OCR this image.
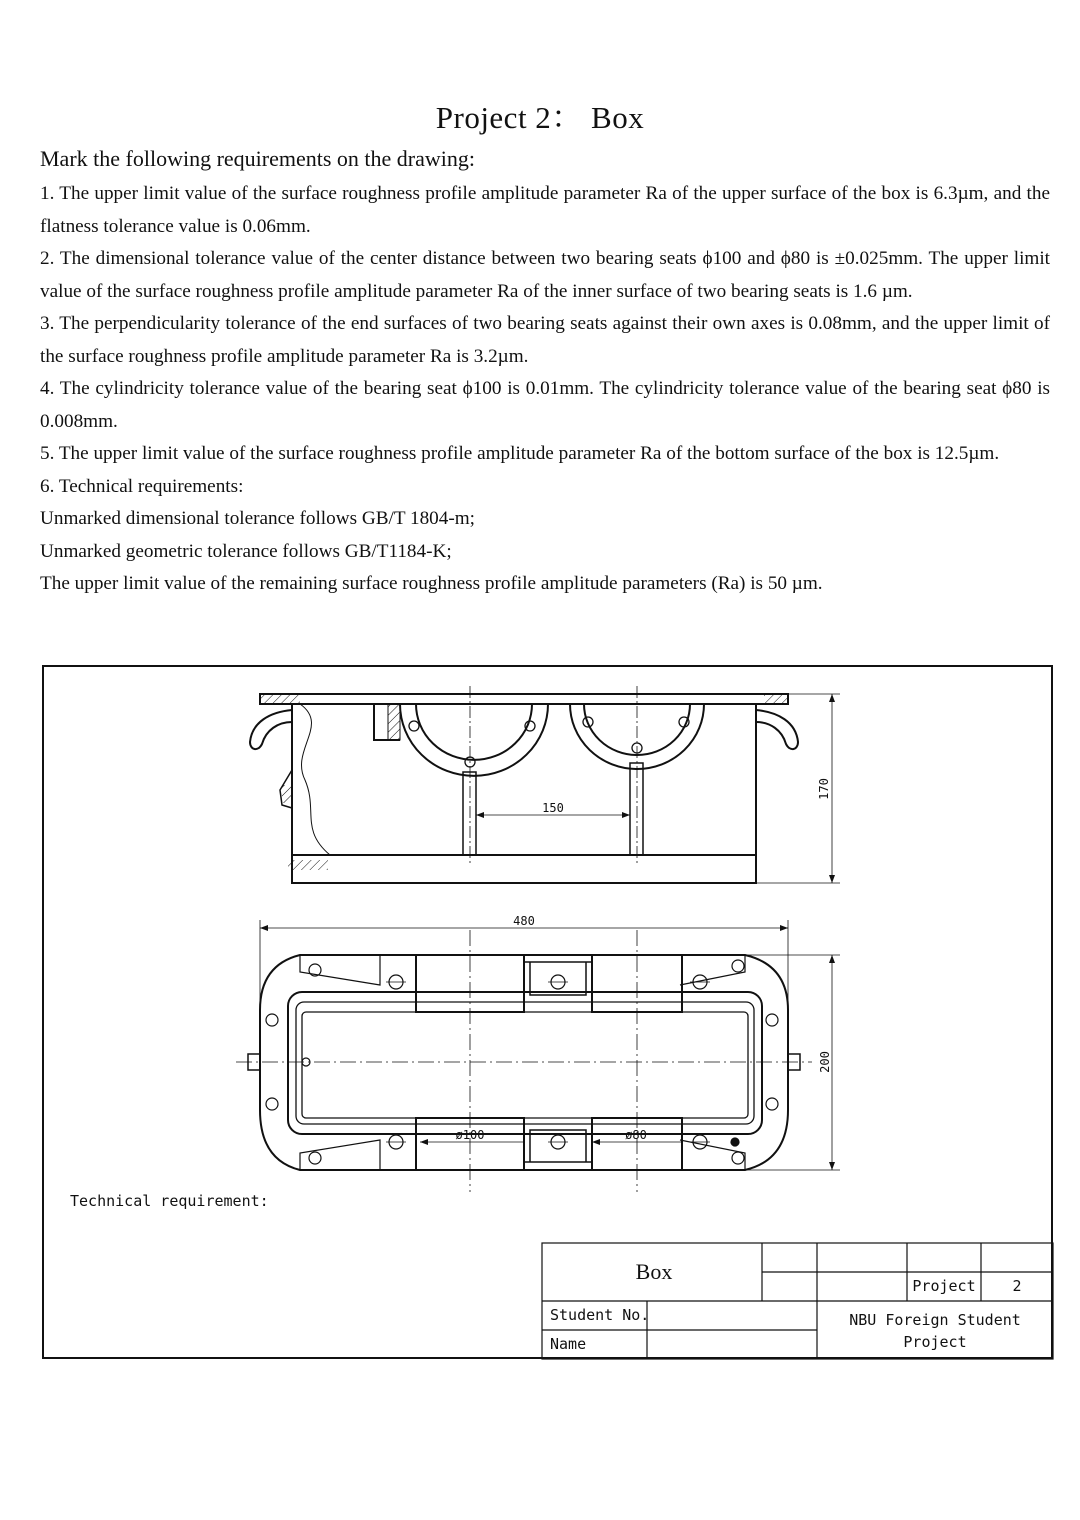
Project 2： Box
Mark the following requirements on the drawing:

1. The upper limit value of the surface roughness profile amplitude parameter Ra of the upper surface of the box is 6.3µm, and the flatness tolerance value is 0.06mm.

2. The dimensional tolerance value of the center distance between two bearing seats ϕ100 and ϕ80 is ±0.025mm. The upper limit value of the surface roughness profile amplitude parameter Ra of the inner surface of two bearing seats is 1.6 µm.

3. The perpendicularity tolerance of the end surfaces of two bearing seats against their own axes is 0.08mm, and the upper limit of the surface roughness profile amplitude parameter Ra is 3.2µm.

4. The cylindricity tolerance value of the bearing seat ϕ100 is 0.01mm. The cylindricity tolerance value of the bearing seat ϕ80 is 0.008mm.

5. The upper limit value of the surface roughness profile amplitude parameter Ra of the bottom surface of the box is 12.5µm.

6. Technical requirements:

Unmarked dimensional tolerance follows GB/T 1804-m;

Unmarked geometric tolerance follows GB/T1184-K;

The upper limit value of the remaining surface roughness profile amplitude parameters (Ra) is 50 µm.

150
170
480
200
ø100	ø80
Technical requirement:
Box
Project	2
Student No.
Name
NBU Foreign Student
Project
